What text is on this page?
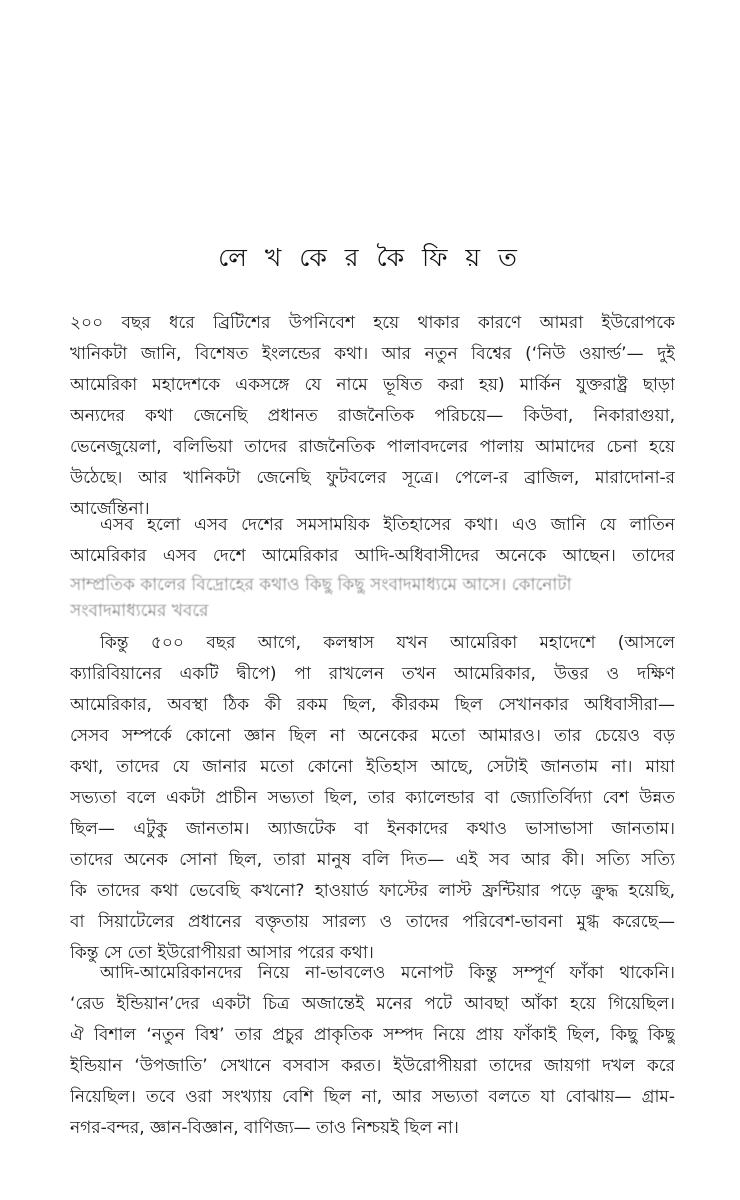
লে খ কে র কৈ ফি য় ত

২০০ বছর ধরে ব্রিটিশের উপনিবেশ হয়ে থাকার কারণে আমরা ইউরোপকে
খানিকটা জানি, বিশেষত ইংলন্ডের কথা। আর নতুন বিশ্বের (‘নিউ ওয়ার্ল্ড’— দুই
আমেরিকা মহাদেশকে একসঙ্গে যে নামে ভূষিত করা হয়) মার্কিন যুক্তরাষ্ট্র ছাড়া
অন্যদের কথা জেনেছি প্রধানত রাজনৈতিক পরিচয়ে— কিউবা, নিকারাগুয়া,
ভেনেজুয়েলা, বলিভিয়া তাদের রাজনৈতিক পালাবদলের পালায় আমাদের চেনা হয়ে
উঠেছে। আর খানিকটা জেনেছি ফুটবলের সূত্রে। পেলে-র ব্রাজিল, মারাদোনা-র
আর্জেন্তিনা।

এসব হলো এসব দেশের সমসাময়িক ইতিহাসের কথা। এও জানি যে লাতিন
আমেরিকার এসব দেশে আমেরিকার আদি-অধিবাসীদের অনেকে আছেন। তাদের

সাম্প্রতিক কালের বিদ্রোহের কথাও কিছু কিছু সংবাদমাধ্যমে আসে। কোনোটা
সংবাদমাধ্যমের খবরে

কিন্তু ৫০০ বছর আগে, কলম্বাস যখন আমেরিকা মহাদেশে (আসলে
ক্যারিবিয়ানের একটি দ্বীপে) পা রাখলেন তখন আমেরিকার, উত্তর ও দক্ষিণ
আমেরিকার, অবস্থা ঠিক কী রকম ছিল, কীরকম ছিল সেখানকার অধিবাসীরা—
সেসব সম্পর্কে কোনো জ্ঞান ছিল না অনেকের মতো আমারও। তার চেয়েও বড়
কথা, তাদের যে জানার মতো কোনো ইতিহাস আছে, সেটাই জানতাম না। মায়া
সভ্যতা বলে একটা প্রাচীন সভ্যতা ছিল, তার ক্যালেন্ডার বা জ্যোতির্বিদ্যা বেশ উন্নত
ছিল— এটুকু জানতাম। অ্যাজটেক বা ইনকাদের কথাও ভাসাভাসা জানতাম।
তাদের অনেক সোনা ছিল, তারা মানুষ বলি দিত— এই সব আর কী। সত্যি সত্যি
কি তাদের কথা ভেবেছি কখনো? হাওয়ার্ড ফাস্টের লাস্ট ফ্রন্টিয়ার পড়ে ক্রুদ্ধ হয়েছি,
বা সিয়াটেলের প্রধানের বক্তৃতায় সারল্য ও তাদের পরিবেশ-ভাবনা মুগ্ধ করেছে—
কিন্তু সে তো ইউরোপীয়রা আসার পরের কথা।

আদি-আমেরিকানদের নিয়ে না-ভাবলেও মনোপট কিন্তু সম্পূর্ণ ফাঁকা থাকেনি।
‘রেড ইন্ডিয়ান’দের একটা চিত্র অজান্তেই মনের পটে আবছা আঁকা হয়ে গিয়েছিল।
ঐ বিশাল ‘নতুন বিশ্ব’ তার প্রচুর প্রাকৃতিক সম্পদ নিয়ে প্রায় ফাঁকাই ছিল, কিছু কিছু
ইন্ডিয়ান ‘উপজাতি’ সেখানে বসবাস করত। ইউরোপীয়রা তাদের জায়গা দখল করে
নিয়েছিল। তবে ওরা সংখ্যায় বেশি ছিল না, আর সভ্যতা বলতে যা বোঝায়— গ্রাম-
নগর-বন্দর, জ্ঞান-বিজ্ঞান, বাণিজ্য— তাও নিশ্চয়ই ছিল না।
